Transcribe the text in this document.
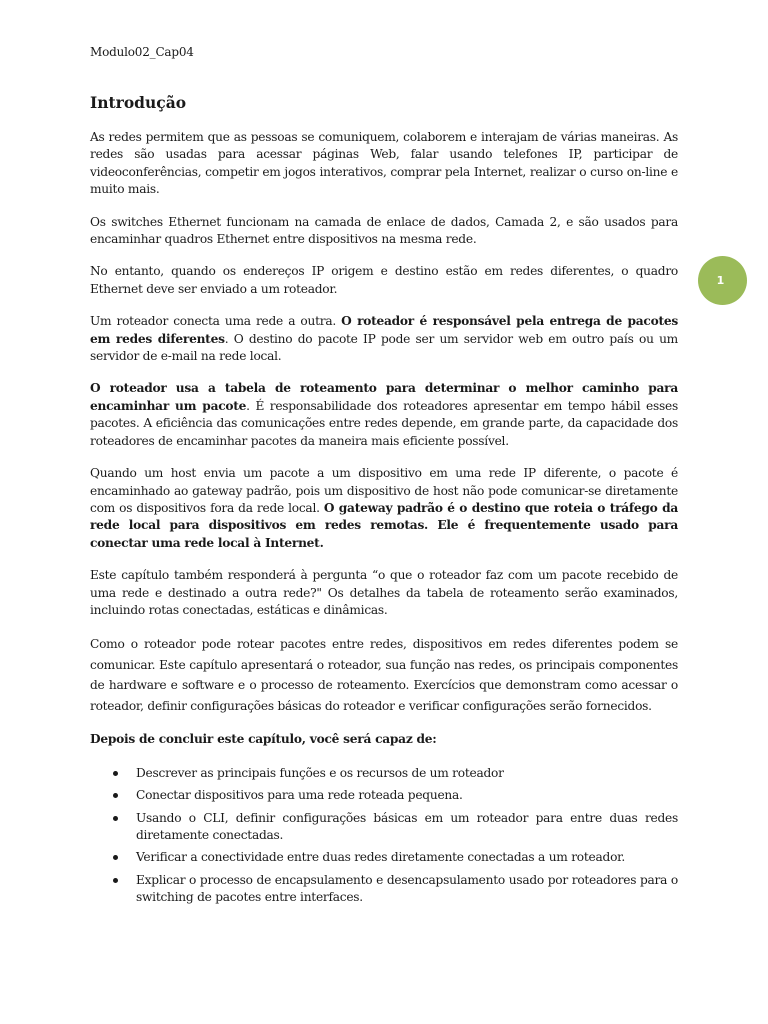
Modulo02_Cap04
Introdução

As redes permitem que as pessoas se comuniquem, colaborem e interajam de várias maneiras. As redes são usadas para acessar páginas Web, falar usando telefones IP, participar de videoconferências, competir em jogos interativos, comprar pela Internet, realizar o curso on-line e muito mais.

Os switches Ethernet funcionam na camada de enlace de dados, Camada 2, e são usados para encaminhar quadros Ethernet entre dispositivos na mesma rede.

No entanto, quando os endereços IP origem e destino estão em redes diferentes, o quadro Ethernet deve ser enviado a um roteador.

Um roteador conecta uma rede a outra. O roteador é responsável pela entrega de pacotes em redes diferentes. O destino do pacote IP pode ser um servidor web em outro país ou um servidor de e-mail na rede local.

O roteador usa a tabela de roteamento para determinar o melhor caminho para encaminhar um pacote. É responsabilidade dos roteadores apresentar em tempo hábil esses pacotes. A eficiência das comunicações entre redes depende, em grande parte, da capacidade dos roteadores de encaminhar pacotes da maneira mais eficiente possível.

Quando um host envia um pacote a um dispositivo em uma rede IP diferente, o pacote é encaminhado ao gateway padrão, pois um dispositivo de host não pode comunicar-se diretamente com os dispositivos fora da rede local. O gateway padrão é o destino que roteia o tráfego da rede local para dispositivos em redes remotas. Ele é frequentemente usado para conectar uma rede local à Internet.

Este capítulo também responderá à pergunta “o que o roteador faz com um pacote recebido de uma rede e destinado a outra rede?" Os detalhes da tabela de roteamento serão examinados, incluindo rotas conectadas, estáticas e dinâmicas.

Como o roteador pode rotear pacotes entre redes, dispositivos em redes diferentes podem se comunicar. Este capítulo apresentará o roteador, sua função nas redes, os principais componentes de hardware e software e o processo de roteamento. Exercícios que demonstram como acessar o roteador, definir configurações básicas do roteador e verificar configurações serão fornecidos.

Depois de concluir este capítulo, você será capaz de:

Descrever as principais funções e os recursos de um roteador
Conectar dispositivos para uma rede roteada pequena.
Usando o CLI, definir configurações básicas em um roteador para entre duas redes diretamente conectadas.
Verificar a conectividade entre duas redes diretamente conectadas a um roteador.
Explicar o processo de encapsulamento e desencapsulamento usado por roteadores para o switching de pacotes entre interfaces.
1
